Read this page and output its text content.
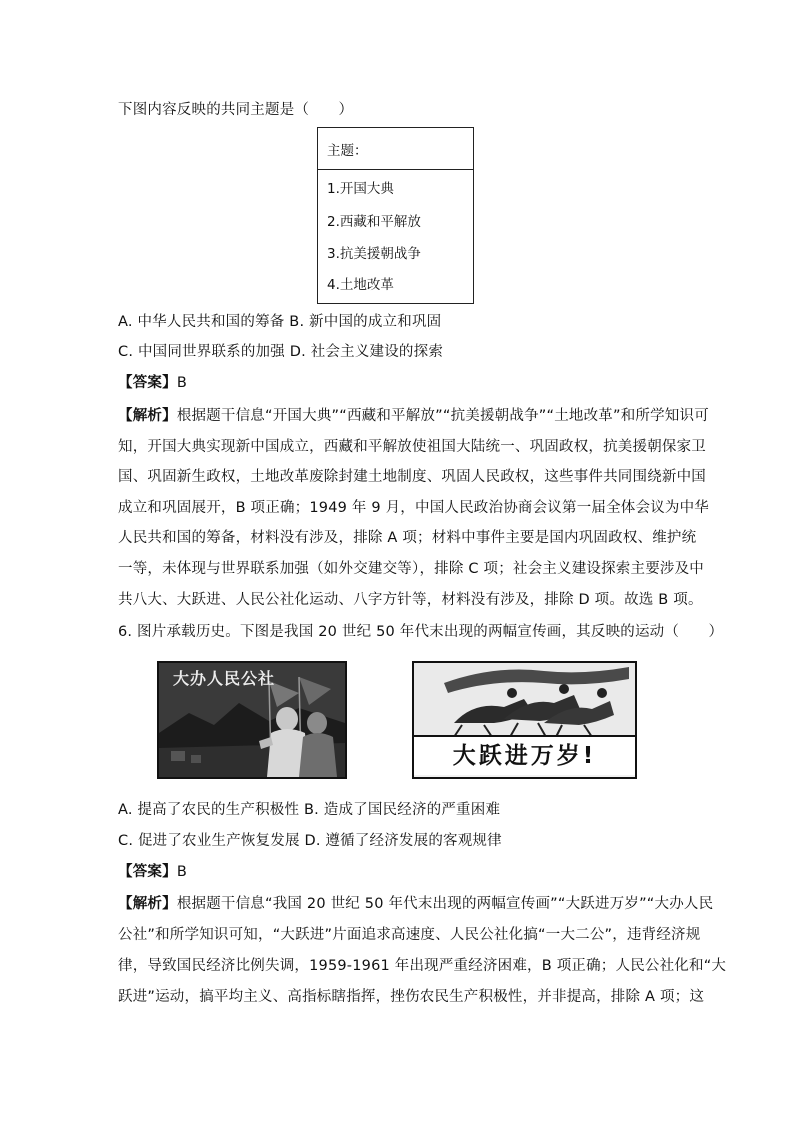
下图内容反映的共同主题是（　　）
主题：
1.开国大典
2.西藏和平解放
3.抗美援朝战争
4.土地改革
A. 中华人民共和国的筹备 B. 新中国的成立和巩固
C. 中国同世界联系的加强 D. 社会主义建设的探索
【答案】B
【解析】根据题干信息“开国大典”“西藏和平解放”“抗美援朝战争”“土地改革”和所学知识可
知，开国大典实现新中国成立，西藏和平解放使祖国大陆统一、巩固政权，抗美援朝保家卫
国、巩固新生政权，土地改革废除封建土地制度、巩固人民政权，这些事件共同围绕新中国
成立和巩固展开，B 项正确；1949 年 9 月，中国人民政治协商会议第一届全体会议为中华
人民共和国的筹备，材料没有涉及，排除 A 项；材料中事件主要是国内巩固政权、维护统
一等，未体现与世界联系加强（如外交建交等），排除 C 项；社会主义建设探索主要涉及中
共八大、大跃进、人民公社化运动、八字方针等，材料没有涉及，排除 D 项。故选 B 项。
6. 图片承载历史。下图是我国 20 世纪 50 年代末出现的两幅宣传画，其反映的运动（　　）
大办人民公社
大跃进万岁!
A. 提高了农民的生产积极性 B. 造成了国民经济的严重困难
C. 促进了农业生产恢复发展 D. 遵循了经济发展的客观规律
【答案】B
【解析】根据题干信息“我国 20 世纪 50 年代末出现的两幅宣传画”“大跃进万岁”“大办人民
公社”和所学知识可知，“大跃进”片面追求高速度、人民公社化搞“一大二公”，违背经济规
律，导致国民经济比例失调，1959-1961 年出现严重经济困难，B 项正确；人民公社化和“大
跃进”运动，搞平均主义、高指标瞎指挥，挫伤农民生产积极性，并非提高，排除 A 项；这
